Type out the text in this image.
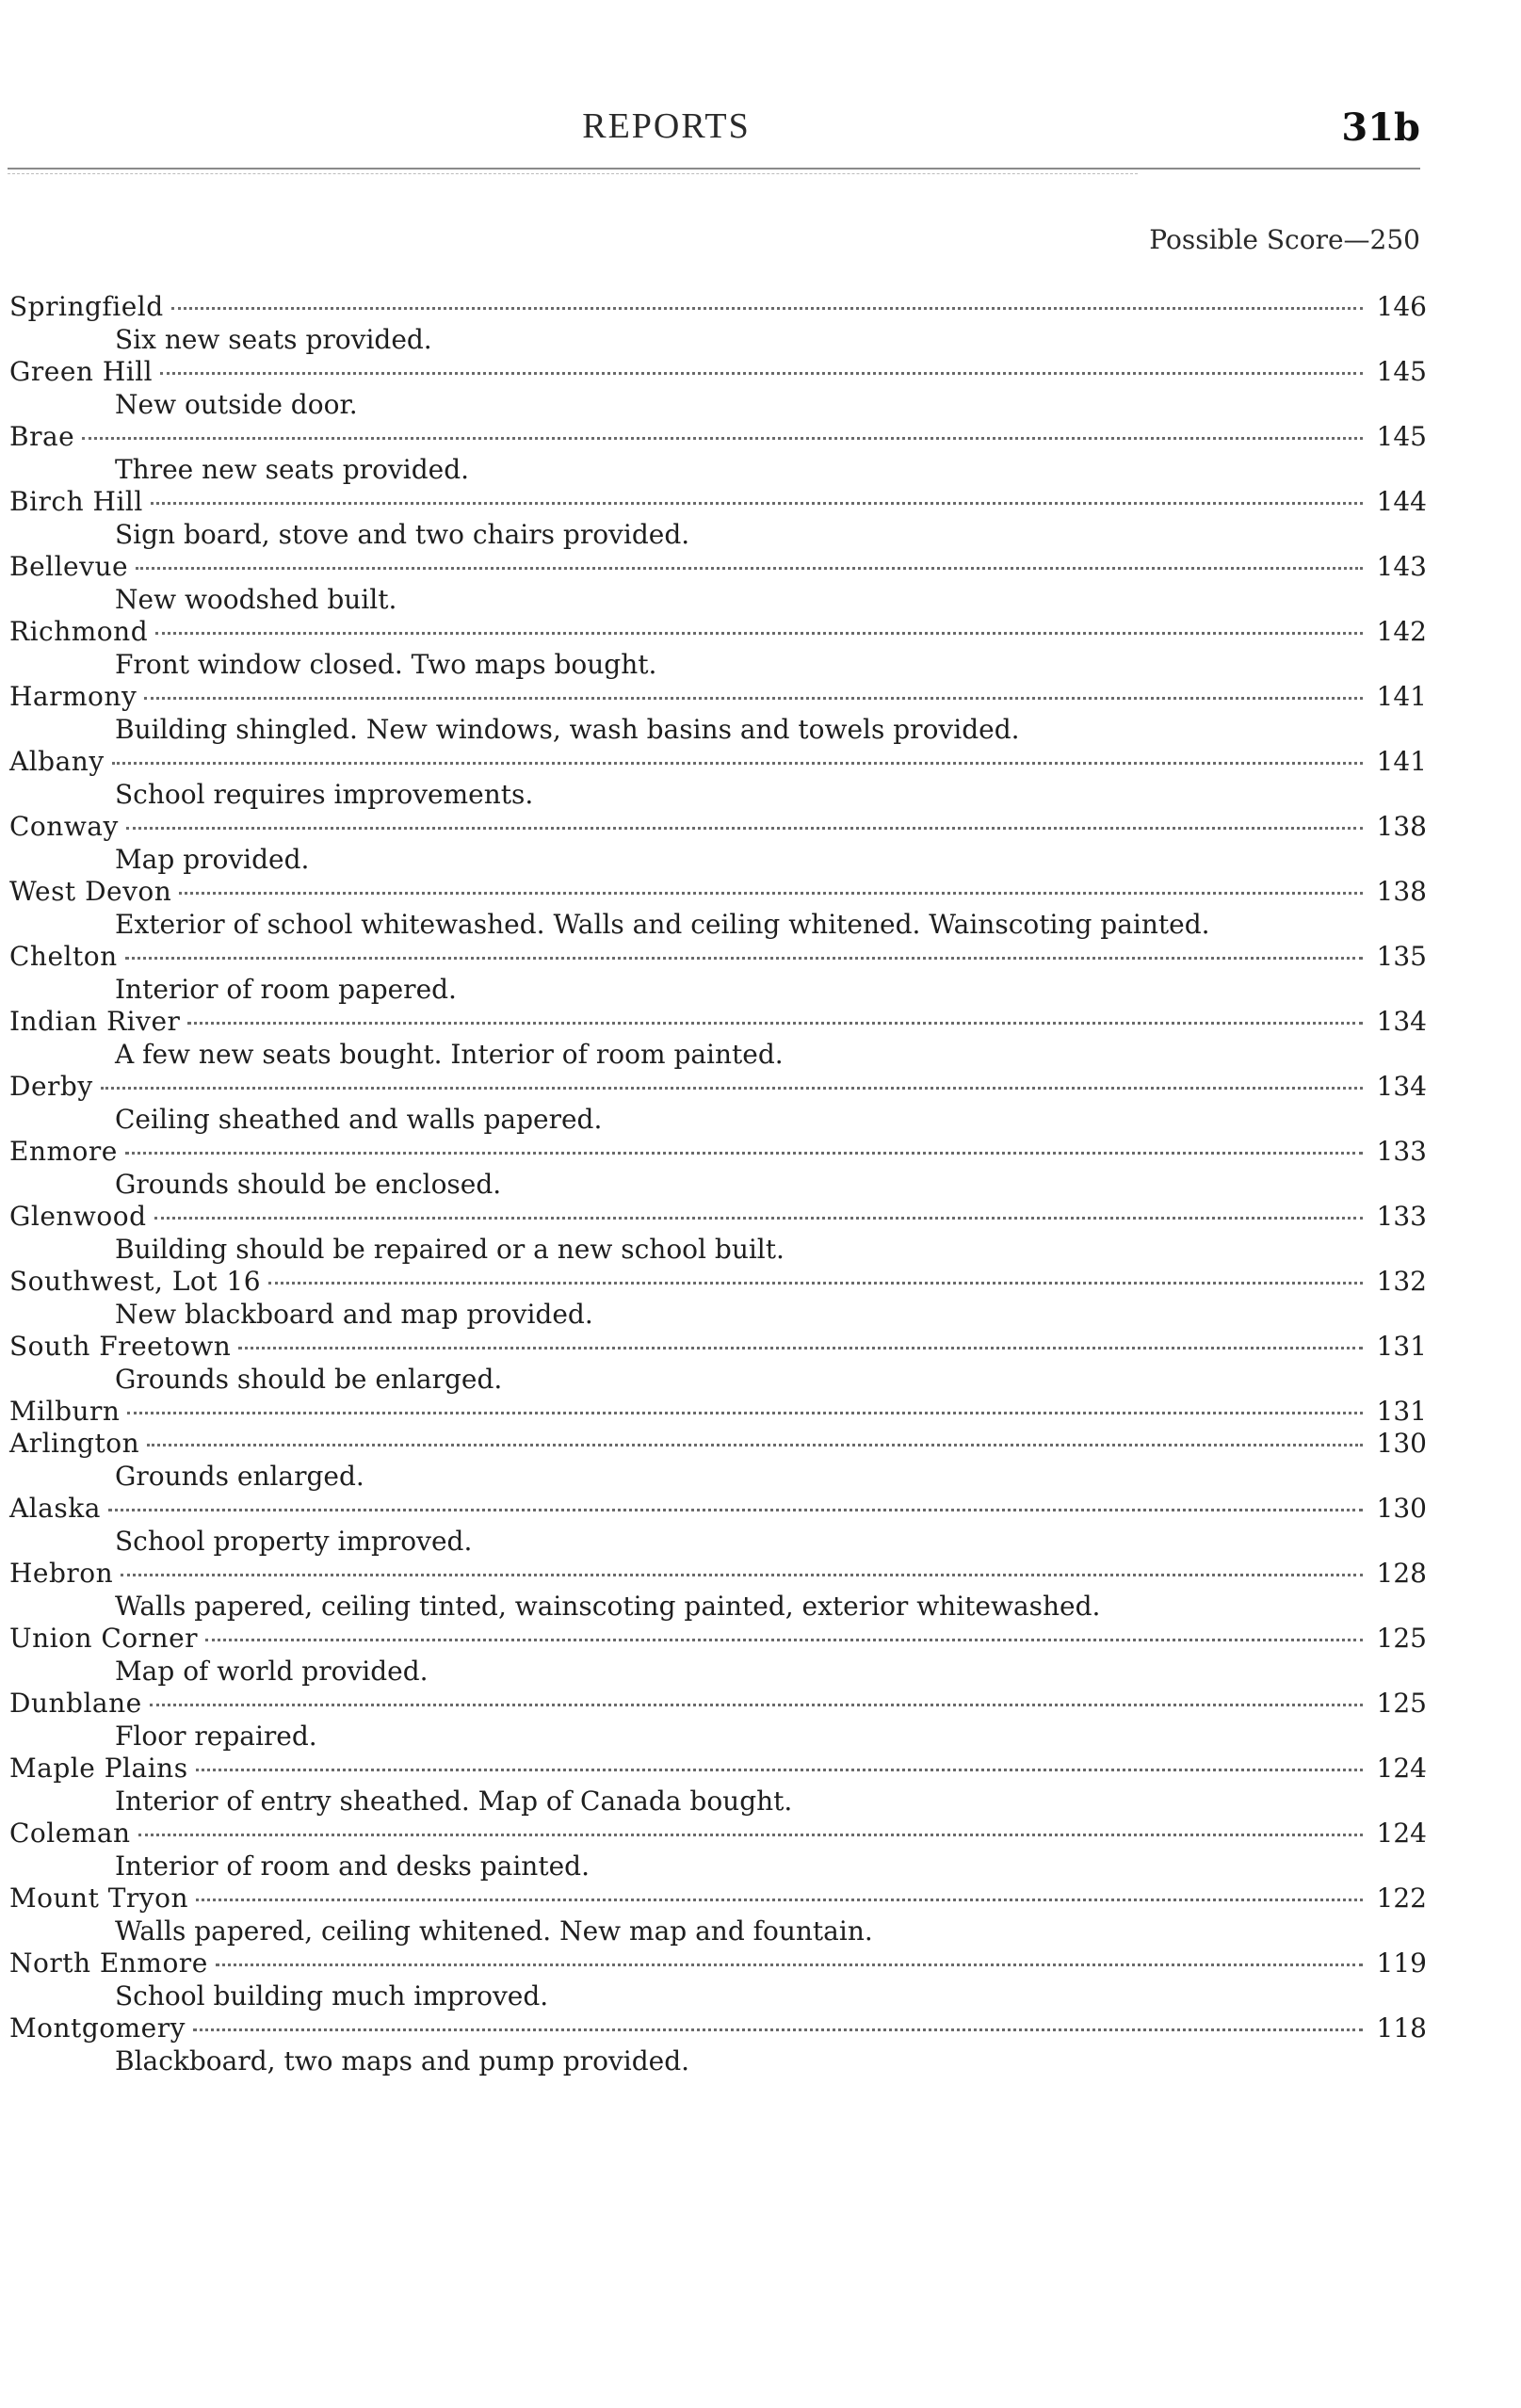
REPORTS	31b
Possible Score—250
Springfield	146
Six new seats provided.
Green Hill	145
New outside door.
Brae	145
Three new seats provided.
Birch Hill	144
Sign board, stove and two chairs provided.
Bellevue	143
New woodshed built.
Richmond	142
Front window closed. Two maps bought.
Harmony	141
Building shingled. New windows, wash basins and towels provided.
Albany	141
School requires improvements.
Conway	138
Map provided.
West Devon	138
Exterior of school whitewashed. Walls and ceiling whitened. Wainscoting painted.
Chelton	135
Interior of room papered.
Indian River	134
A few new seats bought. Interior of room painted.
Derby	134
Ceiling sheathed and walls papered.
Enmore	133
Grounds should be enclosed.
Glenwood	133
Building should be repaired or a new school built.
Southwest, Lot 16	132
New blackboard and map provided.
South Freetown	131
Grounds should be enlarged.
Milburn	131
Arlington	130
Grounds enlarged.
Alaska	130
School property improved.
Hebron	128
Walls papered, ceiling tinted, wainscoting painted, exterior whitewashed.
Union Corner	125
Map of world provided.
Dunblane	125
Floor repaired.
Maple Plains	124
Interior of entry sheathed. Map of Canada bought.
Coleman	124
Interior of room and desks painted.
Mount Tryon	122
Walls papered, ceiling whitened. New map and fountain.
North Enmore	119
School building much improved.
Montgomery	118
Blackboard, two maps and pump provided.
